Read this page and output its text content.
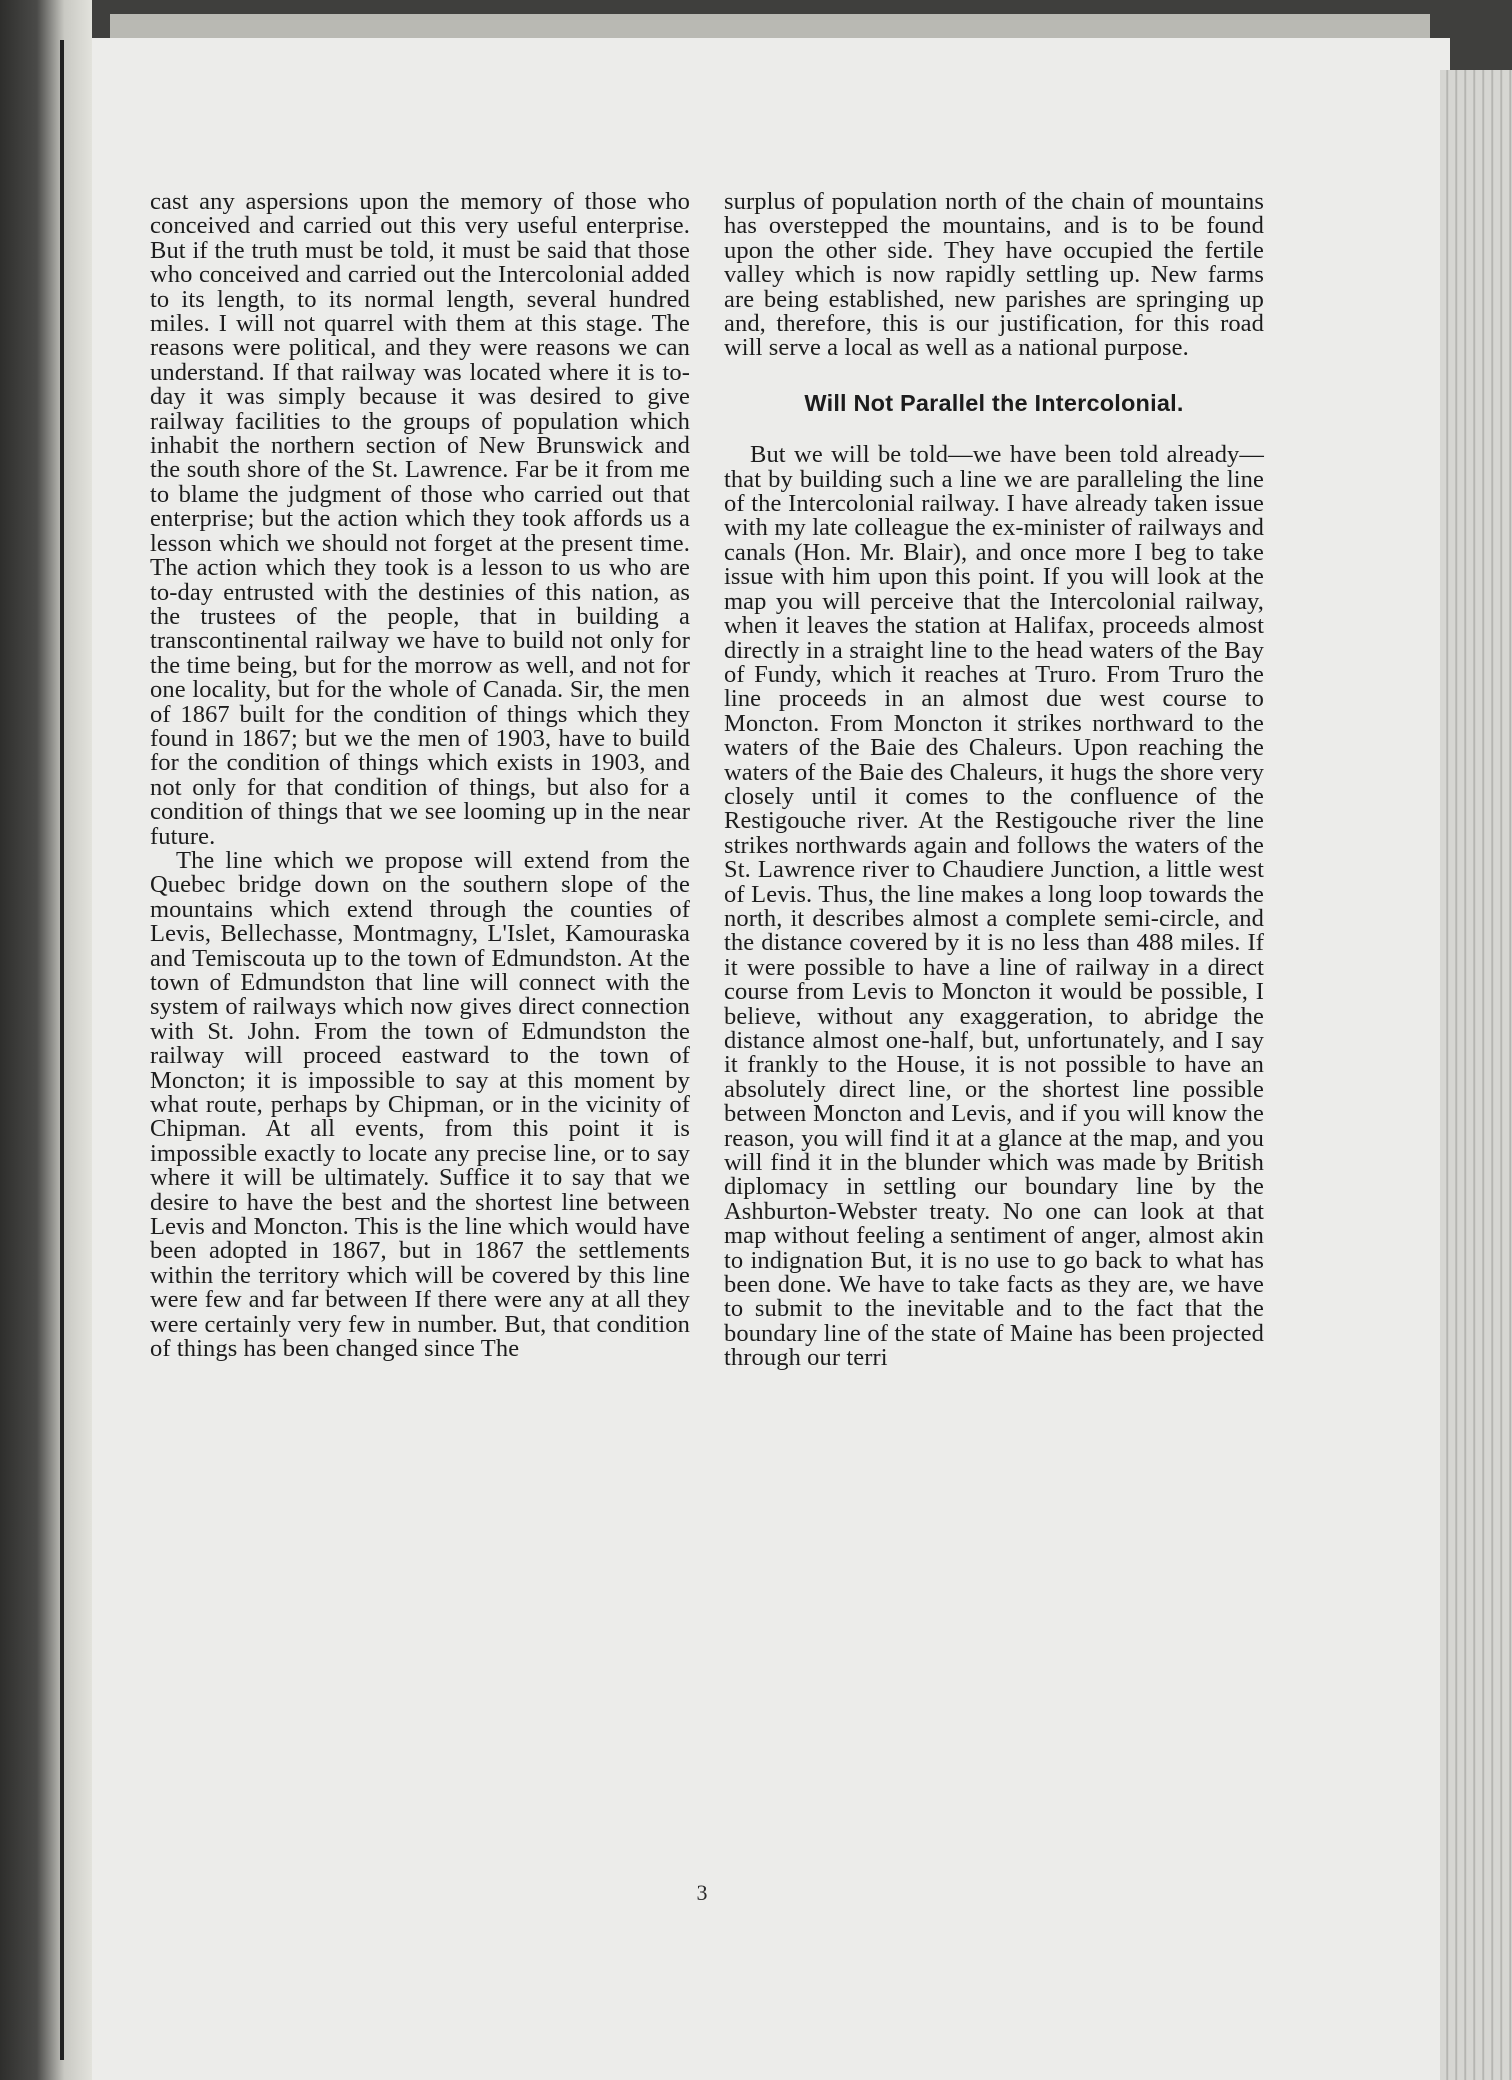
cast any aspersions upon the memory of those who conceived and carried out this very useful enterprise. But if the truth must be told, it must be said that those who conceived and carried out the Intercolonial added to its length, to its normal length, several hundred miles. I will not quarrel with them at this stage. The reasons were political, and they were reasons we can understand. If that railway was located where it is to-day it was simply because it was desired to give railway facilities to the groups of population which inhabit the northern section of New Brunswick and the south shore of the St. Lawrence. Far be it from me to blame the judgment of those who carried out that enterprise; but the action which they took affords us a lesson which we should not forget at the present time. The action which they took is a lesson to us who are to-day entrusted with the destinies of this nation, as the trustees of the people, that in building a transcontinental railway we have to build not only for the time being, but for the morrow as well, and not for one locality, but for the whole of Canada. Sir, the men of 1867 built for the condition of things which they found in 1867; but we the men of 1903, have to build for the condition of things which exists in 1903, and not only for that condition of things, but also for a condition of things that we see looming up in the near future.

The line which we propose will extend from the Quebec bridge down on the southern slope of the mountains which extend through the counties of Levis, Bellechasse, Montmagny, L'Islet, Kamouraska and Temiscouta up to the town of Edmundston. At the town of Edmundston that line will connect with the system of railways which now gives direct connection with St. John. From the town of Edmundston the railway will proceed eastward to the town of Moncton; it is impossible to say at this moment by what route, perhaps by Chipman, or in the vicinity of Chipman. At all events, from this point it is impossible exactly to locate any precise line, or to say where it will be ultimately. Suffice it to say that we desire to have the best and the shortest line between Levis and Moncton. This is the line which would have been adopted in 1867, but in 1867 the settlements within the territory which will be covered by this line were few and far between If there were any at all they were certainly very few in number. But, that condition of things has been changed since The

surplus of population north of the chain of mountains has overstepped the mountains, and is to be found upon the other side. They have occupied the fertile valley which is now rapidly settling up. New farms are being established, new parishes are springing up and, therefore, this is our justification, for this road will serve a local as well as a national purpose.

Will Not Parallel the Intercolonial.

But we will be told—we have been told already—that by building such a line we are paralleling the line of the Intercolonial railway. I have already taken issue with my late colleague the ex-minister of railways and canals (Hon. Mr. Blair), and once more I beg to take issue with him upon this point. If you will look at the map you will perceive that the Intercolonial railway, when it leaves the station at Halifax, proceeds almost directly in a straight line to the head waters of the Bay of Fundy, which it reaches at Truro. From Truro the line proceeds in an almost due west course to Moncton. From Moncton it strikes northward to the waters of the Baie des Chaleurs. Upon reaching the waters of the Baie des Chaleurs, it hugs the shore very closely until it comes to the confluence of the Restigouche river. At the Restigouche river the line strikes northwards again and follows the waters of the St. Lawrence river to Chaudiere Junction, a little west of Levis. Thus, the line makes a long loop towards the north, it describes almost a complete semi-circle, and the distance covered by it is no less than 488 miles. If it were possible to have a line of railway in a direct course from Levis to Moncton it would be possible, I believe, without any exaggeration, to abridge the distance almost one-half, but, unfortunately, and I say it frankly to the House, it is not possible to have an absolutely direct line, or the shortest line possible between Moncton and Levis, and if you will know the reason, you will find it at a glance at the map, and you will find it in the blunder which was made by British diplomacy in settling our boundary line by the Ashburton-Webster treaty. No one can look at that map without feeling a sentiment of anger, almost akin to indignation But, it is no use to go back to what has been done. We have to take facts as they are, we have to submit to the inevitable and to the fact that the boundary line of the state of Maine has been projected through our terri

3
